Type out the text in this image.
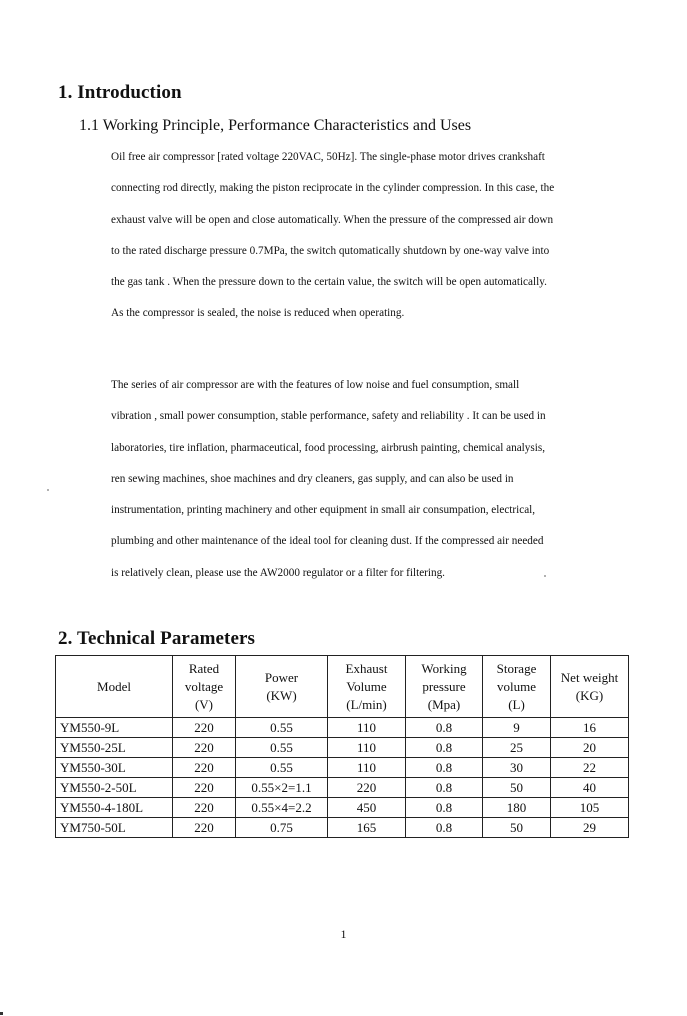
1. Introduction
1.1 Working Principle, Performance Characteristics and Uses
Oil free air compressor [rated voltage 220VAC, 50Hz]. The single-phase motor drives crankshaft
connecting rod directly, making the piston reciprocate in the cylinder compression. In this case, the
exhaust valve will be open and close automatically. When the pressure of the compressed air down
to the rated discharge pressure 0.7MPa, the switch qutomatically shutdown by one-way valve into
the gas tank . When the pressure down to the certain value, the switch will be open automatically.
As the compressor is sealed, the noise is reduced when operating.
The series of air compressor are with the features of low noise and fuel consumption, small
vibration , small power consumption, stable performance, safety and reliability . It can be used in
laboratories, tire inflation, pharmaceutical, food processing, airbrush painting, chemical analysis,
ren sewing machines, shoe machines and dry cleaners, gas supply, and can also be used in
instrumentation, printing machinery and other equipment in small air consumpation, electrical,
plumbing and other maintenance of the ideal tool for cleaning dust. If the compressed air needed
is relatively clean, please use the AW2000 regulator or a filter for filtering.
2. Technical Parameters
Model	Rated
voltage
(V)	Power
(KW)	Exhaust
Volume
(L/min)	Working
pressure
(Mpa)	Storage
volume
(L)	Net weight
(KG)
YM550-9L	220	0.55	110	0.8	9	16
YM550-25L	220	0.55	110	0.8	25	20
YM550-30L	220	0.55	110	0.8	30	22
YM550-2-50L	220	0.55×2=1.1	220	0.8	50	40
YM550-4-180L	220	0.55×4=2.2	450	0.8	180	105
YM750-50L	220	0.75	165	0.8	50	29
1
